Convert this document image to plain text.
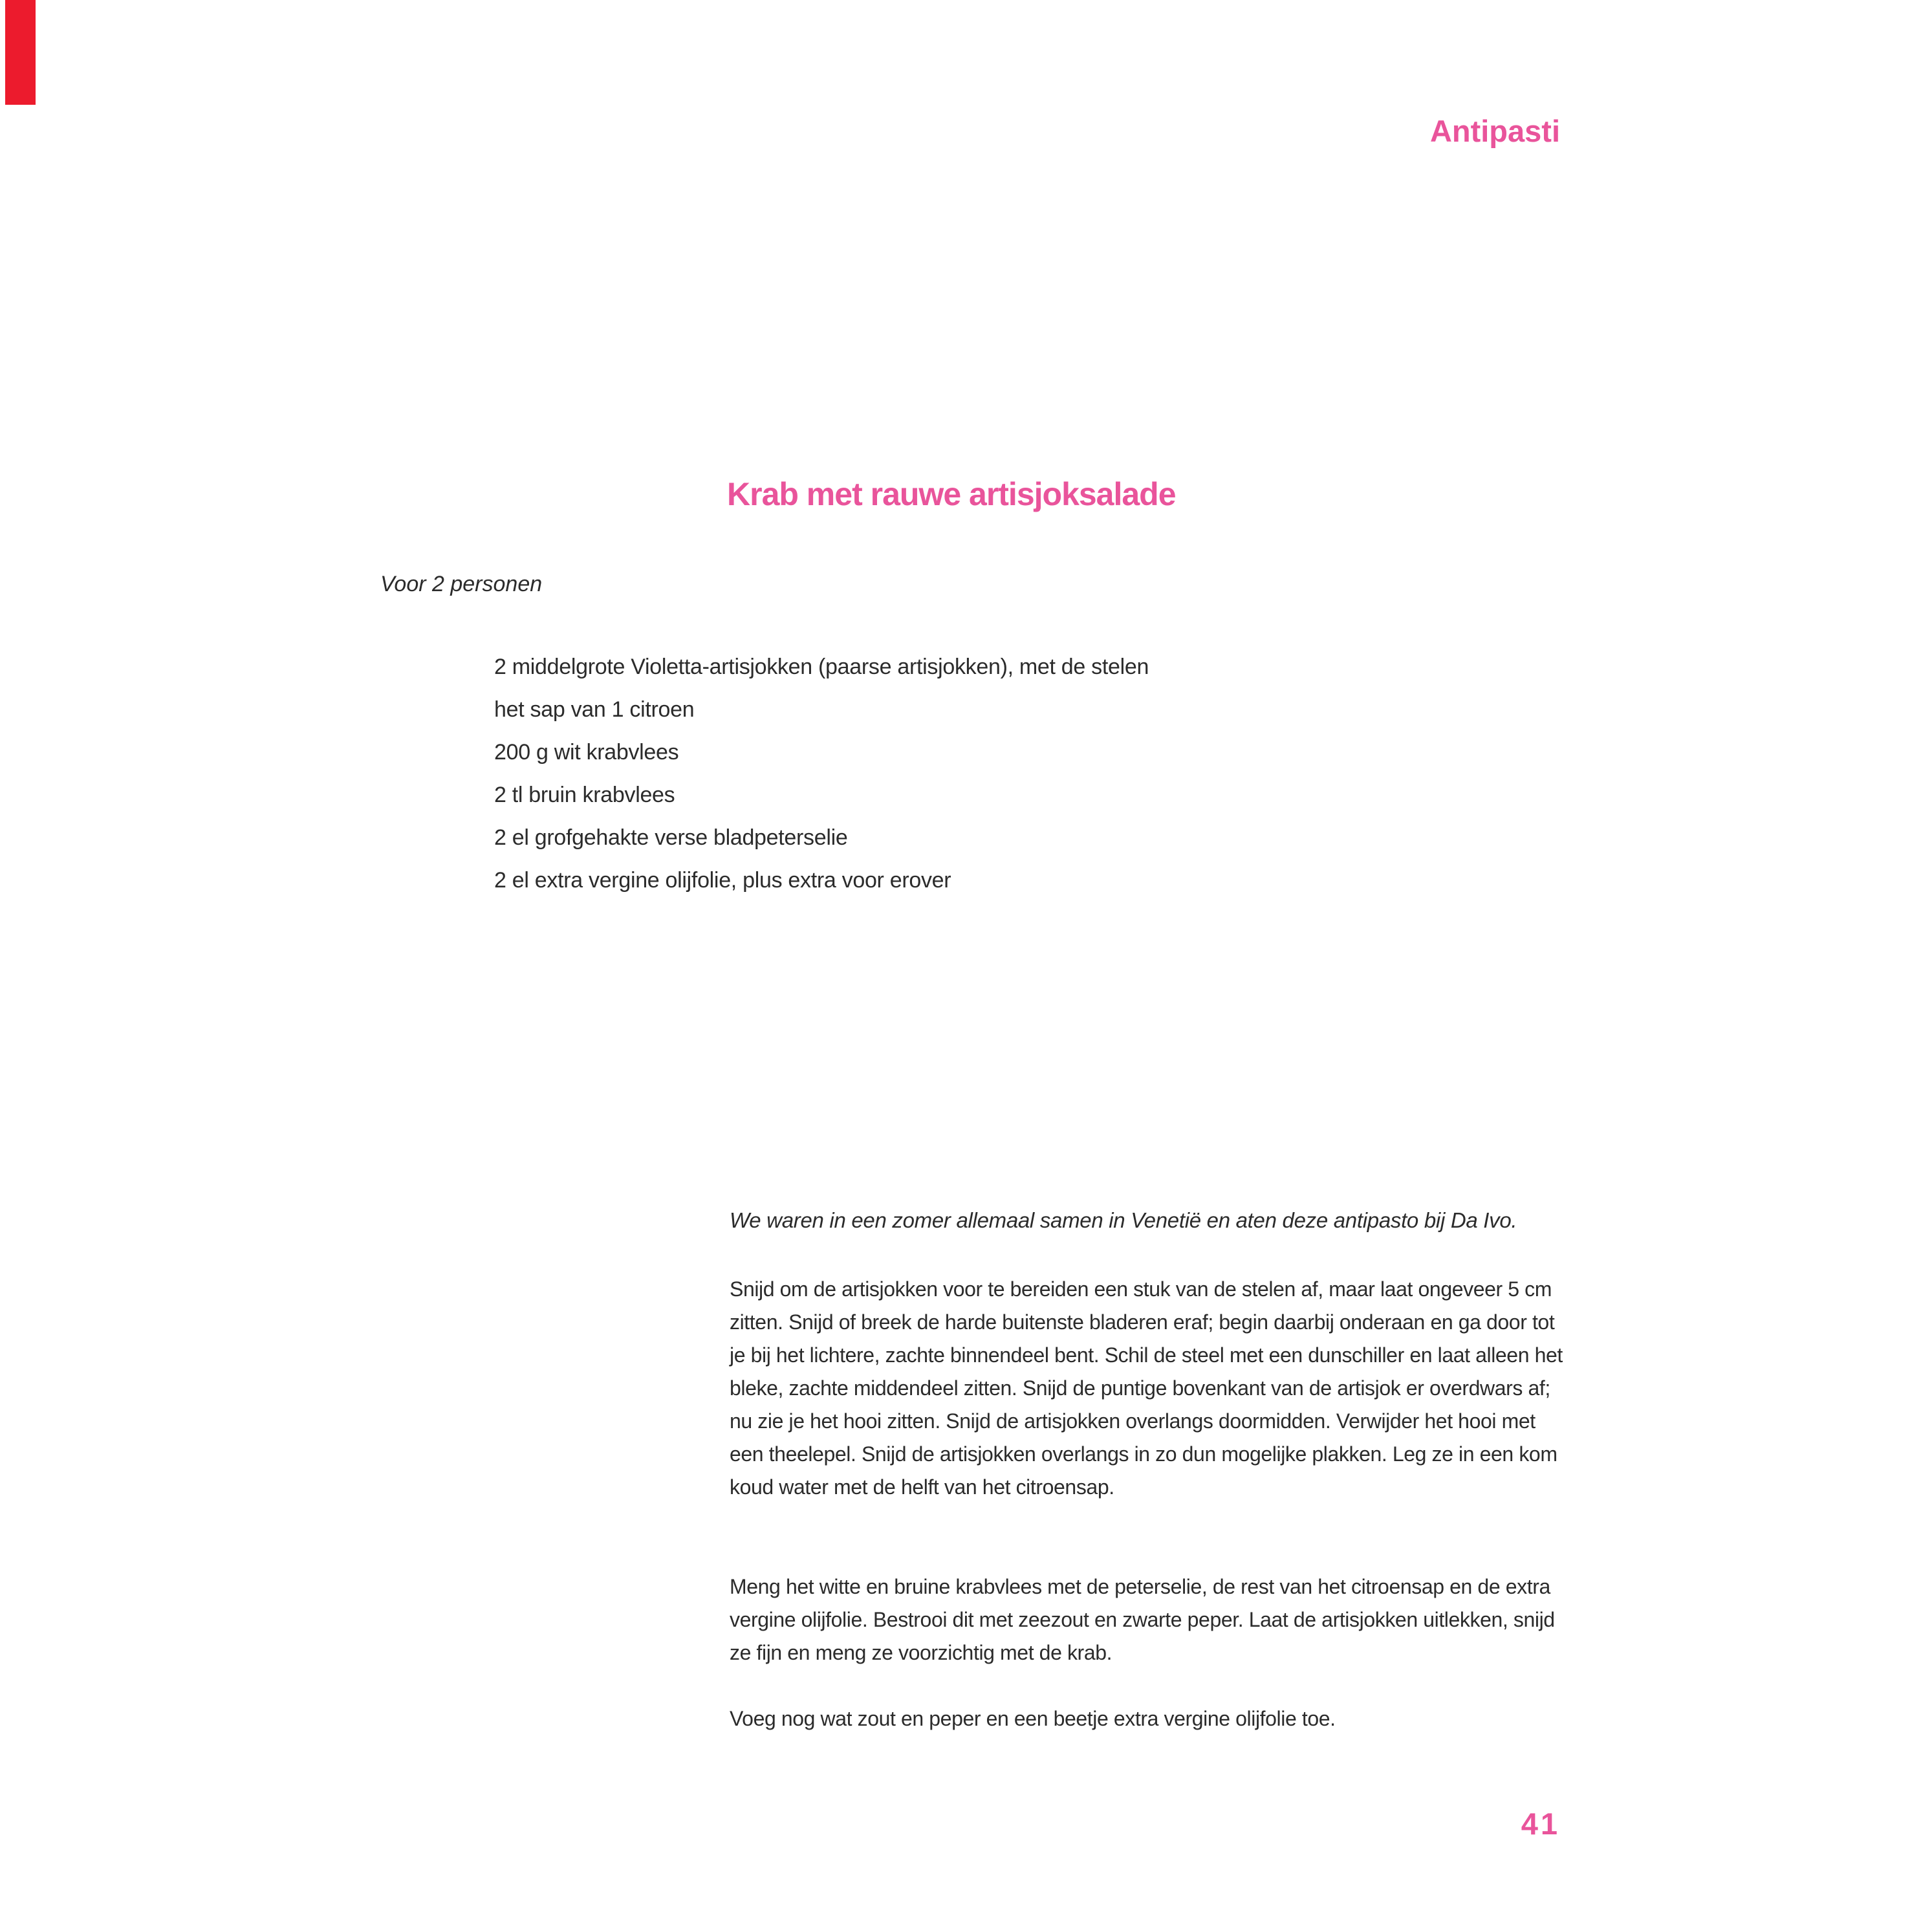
Antipasti
Krab met rauwe artisjoksalade
Voor 2 personen
2 middelgrote Violetta-artisjokken (paarse artisjokken), met de stelen
het sap van 1 citroen
200 g wit krabvlees
2 tl bruin krabvlees
2 el grofgehakte verse bladpeterselie
2 el extra vergine olijfolie, plus extra voor erover
We waren in een zomer allemaal samen in Venetië en aten deze antipasto bij Da Ivo.

Snijd om de artisjokken voor te bereiden een stuk van de stelen af, maar laat ongeveer 5 cm zitten. Snijd of breek de harde buitenste bladeren eraf; begin daarbij onderaan en ga door tot je bij het lichtere, zachte binnendeel bent. Schil de steel met een dunschiller en laat alleen het bleke, zachte middendeel zitten. Snijd de puntige bovenkant van de artisjok er overdwars af; nu zie je het hooi zitten. Snijd de artisjokken overlangs doormidden. Verwijder het hooi met een theelepel. Snijd de artisjokken overlangs in zo dun mogelijke plakken. Leg ze in een kom koud water met de helft van het citroensap.

Meng het witte en bruine krabvlees met de peterselie, de rest van het citroensap en de extra vergine olijfolie. Bestrooi dit met zeezout en zwarte peper. Laat de artisjokken uitlekken, snijd ze fijn en meng ze voorzichtig met de krab.

Voeg nog wat zout en peper en een beetje extra vergine olijfolie toe.

41
